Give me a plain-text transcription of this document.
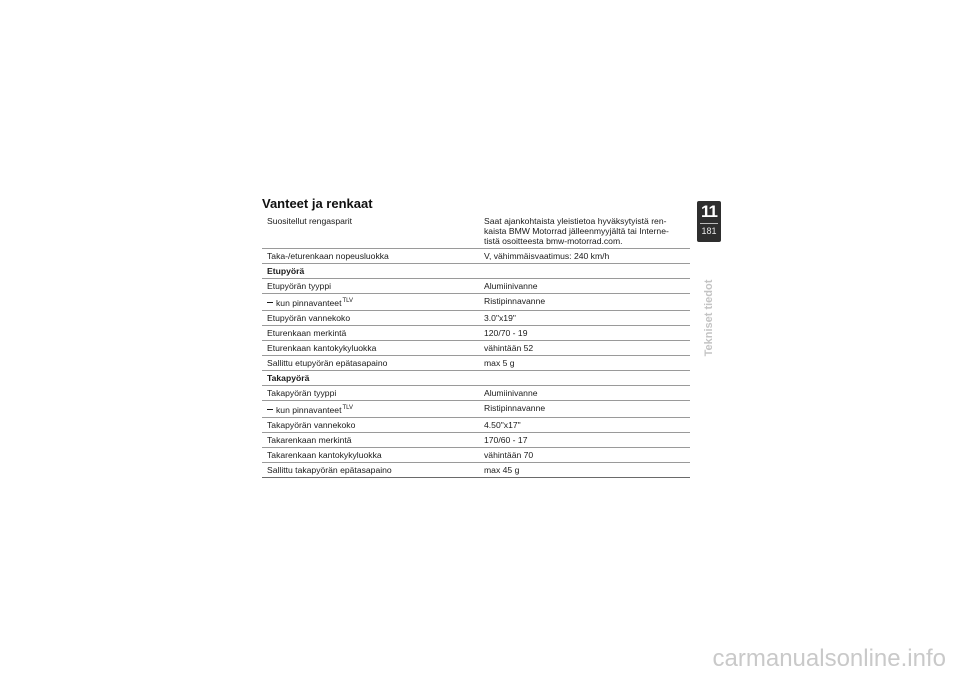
Vanteet ja renkaat
Suositellut rengasparit	Saat ajankohtaista yleistietoa hyväksytyistä ren-
kaista BMW Motorrad jälleenmyyjältä tai Interne-
tistä osoitteesta bmw-motorrad.com.
Taka-/eturenkaan nopeusluokka	V, vähimmäisvaatimus: 240 km/h
Etupyörä	
Etupyörän tyyppi	Alumiinivanne
kun pinnavanteet$^{TLV}$	Ristipinnavanne
Etupyörän vannekoko	3.0"x19"
Eturenkaan merkintä	120/70 - 19
Eturenkaan kantokykyluokka	vähintään 52
Sallittu etupyörän epätasapaino	max 5 g
Takapyörä	
Takapyörän tyyppi	Alumiinivanne
kun pinnavanteet$^{TLV}$	Ristipinnavanne
Takapyörän vannekoko	4.50"x17"
Takarenkaan merkintä	170/60 - 17
Takarenkaan kantokykyluokka	vähintään 70
Sallittu takapyörän epätasapaino	max 45 g
11
181
Tekniset tiedot
carmanualsonline.info
